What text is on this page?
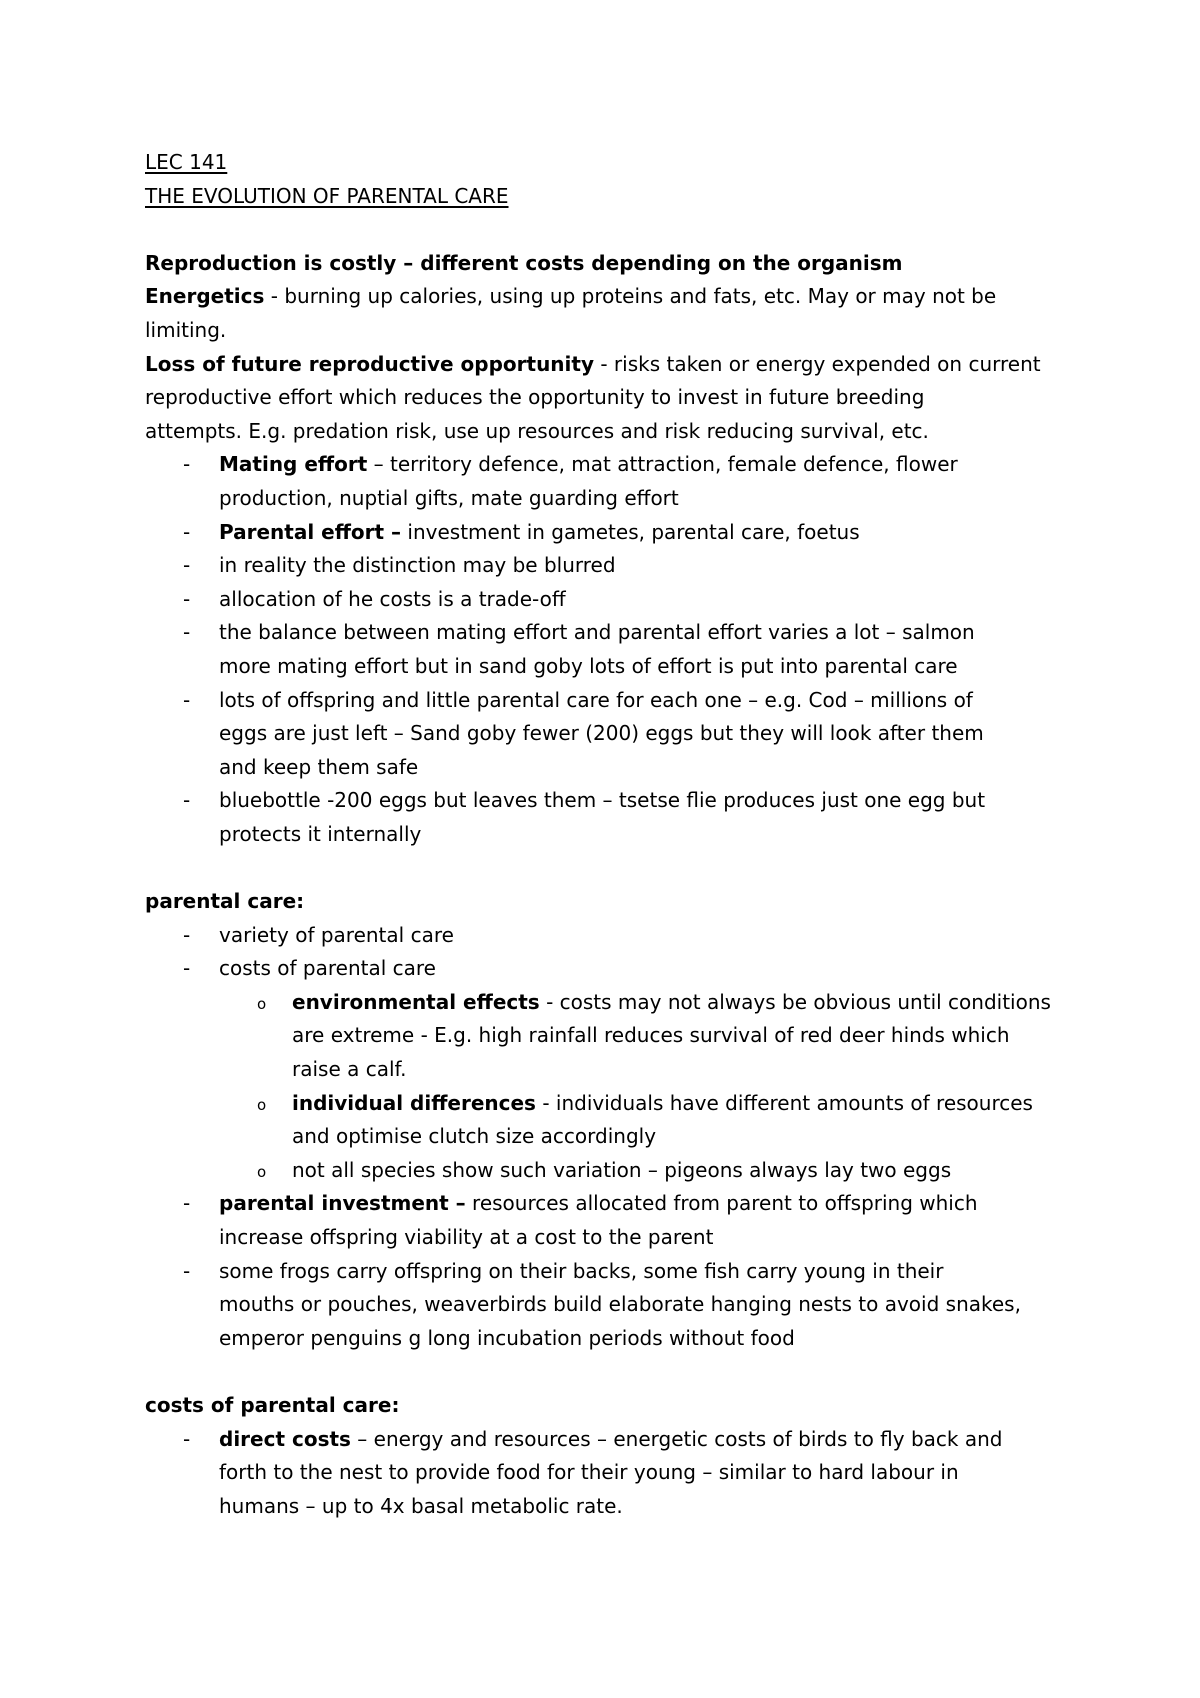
LEC 141

THE EVOLUTION OF PARENTAL CARE

Reproduction is costly – different costs depending on the organism

Energetics - burning up calories, using up proteins and fats, etc. May or may not be

limiting.

Loss of future reproductive opportunity - risks taken or energy expended on current

reproductive effort which reduces the opportunity to invest in future breeding

attempts. E.g. predation risk, use up resources and risk reducing survival, etc.

- Mating effort – territory defence, mat attraction, female defence, flower

production, nuptial gifts, mate guarding effort

- Parental effort – investment in gametes, parental care, foetus

- in reality the distinction may be blurred

- allocation of he costs is a trade-off

- the balance between mating effort and parental effort varies a lot – salmon

more mating effort but in sand goby lots of effort is put into parental care

- lots of offspring and little parental care for each one – e.g. Cod – millions of

eggs are just left – Sand goby fewer (200) eggs but they will look after them

and keep them safe

- bluebottle -200 eggs but leaves them – tsetse flie produces just one egg but

protects it internally

parental care:

- variety of parental care

- costs of parental care

o environmental effects - costs may not always be obvious until conditions

are extreme - E.g. high rainfall reduces survival of red deer hinds which

raise a calf.

o individual differences - individuals have different amounts of resources

and optimise clutch size accordingly

o not all species show such variation – pigeons always lay two eggs

- parental investment – resources allocated from parent to offspring which

increase offspring viability at a cost to the parent

- some frogs carry offspring on their backs, some fish carry young in their

mouths or pouches, weaverbirds build elaborate hanging nests to avoid snakes,

emperor penguins g long incubation periods without food

costs of parental care:

- direct costs – energy and resources – energetic costs of birds to fly back and

forth to the nest to provide food for their young – similar to hard labour in

humans – up to 4x basal metabolic rate.
